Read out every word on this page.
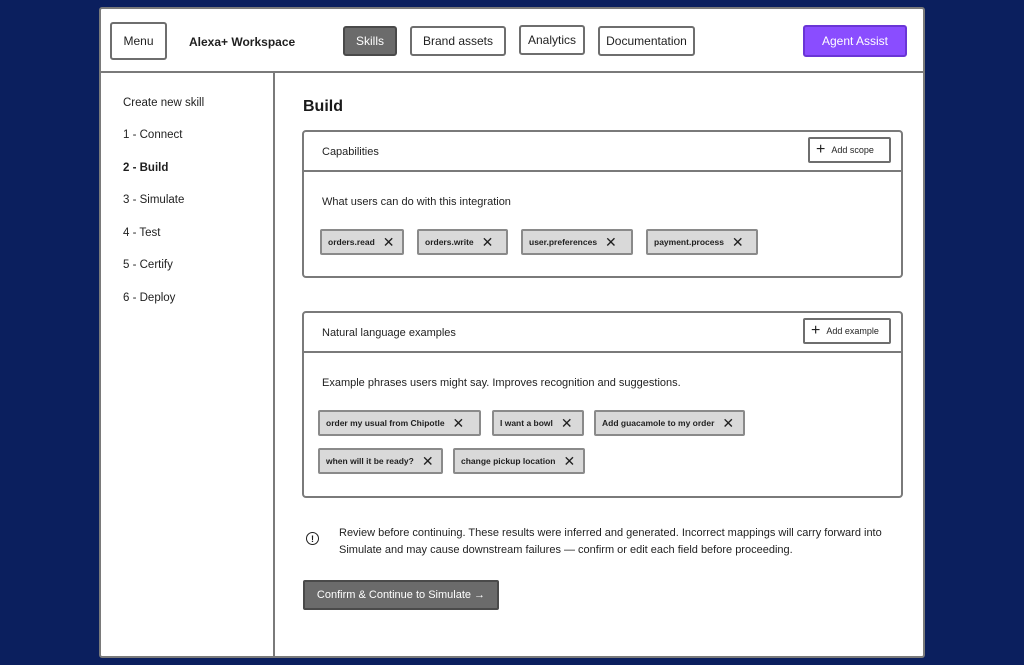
Menu	Alexa+ Workspace	Skills	Brand assets	Analytics	Documentation	Agent Assist
Create new skill
1 - Connect
2 - Build
3 - Simulate
4 - Test
5 - Certify
6 - Deploy
Build
Capabilities	+ Add scope
What users can do with this integration
orders.read ✕	orders.write ✕	user.preferences ✕	payment.process ✕
Natural language examples	+ Add example
Example phrases users might say. Improves recognition and suggestions.
order my usual from Chipotle ✕	I want a bowl ✕	Add guacamole to my order ✕
when will it be ready? ✕	change pickup location ✕
!	Review before continuing. These results were inferred and generated. Incorrect mappings will carry forward into Simulate and may cause downstream failures — confirm or edit each field before proceeding.
Confirm & Continue to Simulate →
